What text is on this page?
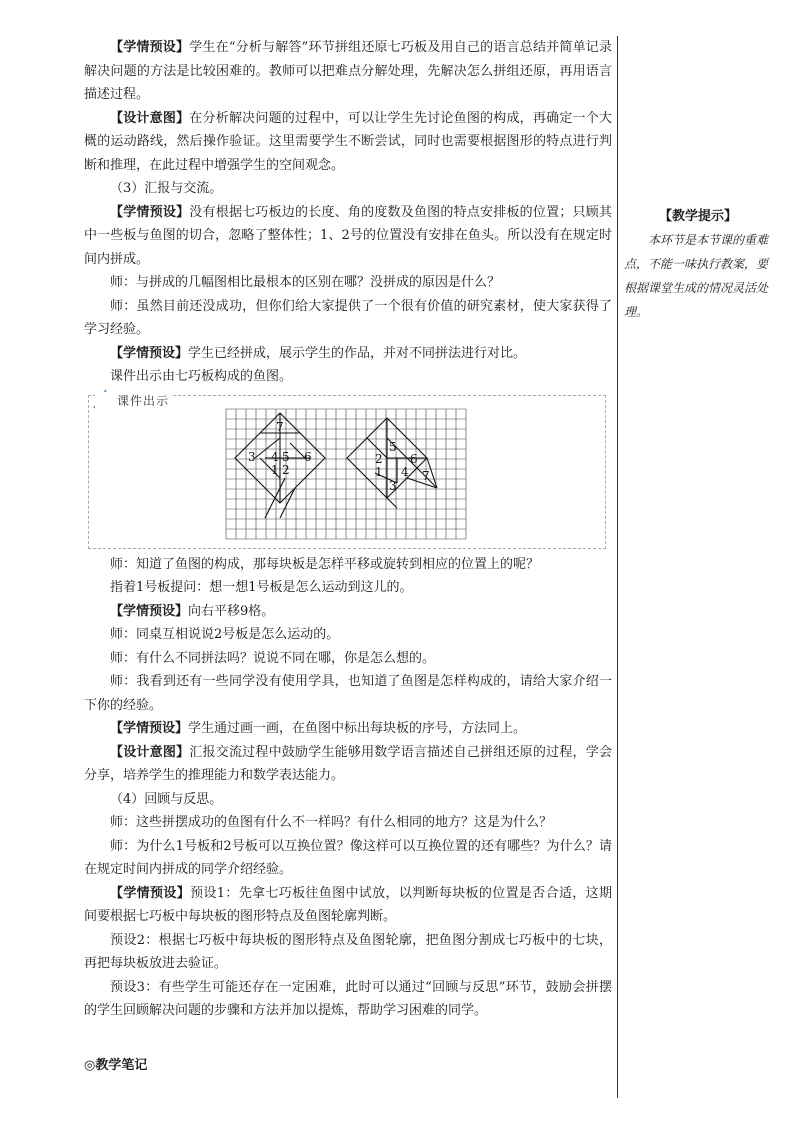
【学情预设】学生在“分析与解答”环节拼组还原七巧板及用自己的语言总结并简单记录解决问题的方法是比较困难的。教师可以把难点分解处理，先解决怎么拼组还原，再用语言描述过程。

【设计意图】在分析解决问题的过程中，可以让学生先讨论鱼图的构成，再确定一个大概的运动路线，然后操作验证。这里需要学生不断尝试，同时也需要根据图形的特点进行判断和推理，在此过程中增强学生的空间观念。

（3）汇报与交流。

【学情预设】没有根据七巧板边的长度、角的度数及鱼图的特点安排板的位置；只顾其中一些板与鱼图的切合，忽略了整体性；1、2号的位置没有安排在鱼头。所以没有在规定时间内拼成。

师：与拼成的几幅图相比最根本的区别在哪？没拼成的原因是什么？

师：虽然目前还没成功，但你们给大家提供了一个很有价值的研究素材，使大家获得了学习经验。

【学情预设】学生已经拼成，展示学生的作品，并对不同拼法进行对比。

课件出示由七巧板构成的鱼图。

课件出示
7
3 4 5 6
1 2
5
2 6
1 4 7
3

师：知道了鱼图的构成，那每块板是怎样平移或旋转到相应的位置上的呢？

指着1号板提问：想一想1号板是怎么运动到这儿的。

【学情预设】向右平移9格。

师：同桌互相说说2号板是怎么运动的。

师：有什么不同拼法吗？说说不同在哪，你是怎么想的。

师：我看到还有一些同学没有使用学具，也知道了鱼图是怎样构成的，请给大家介绍一下你的经验。

【学情预设】学生通过画一画，在鱼图中标出每块板的序号，方法同上。

【设计意图】汇报交流过程中鼓励学生能够用数学语言描述自己拼组还原的过程，学会分享，培养学生的推理能力和数学表达能力。

（4）回顾与反思。

师：这些拼摆成功的鱼图有什么不一样吗？有什么相同的地方？这是为什么？

师：为什么1号板和2号板可以互换位置？像这样可以互换位置的还有哪些？为什么？请在规定时间内拼成的同学介绍经验。

【学情预设】预设1：先拿七巧板往鱼图中试放，以判断每块板的位置是否合适，这期间要根据七巧板中每块板的图形特点及鱼图轮廓判断。

预设2：根据七巧板中每块板的图形特点及鱼图轮廓，把鱼图分割成七巧板中的七块，再把每块板放进去验证。

预设3：有些学生可能还存在一定困难，此时可以通过“回顾与反思”环节，鼓励会拼摆的学生回顾解决问题的步骤和方法并加以提炼，帮助学习困难的同学。

◎教学笔记

【教学提示】

本环节是本节课的重难点，不能一味执行教案，要根据课堂生成的情况灵活处理。
